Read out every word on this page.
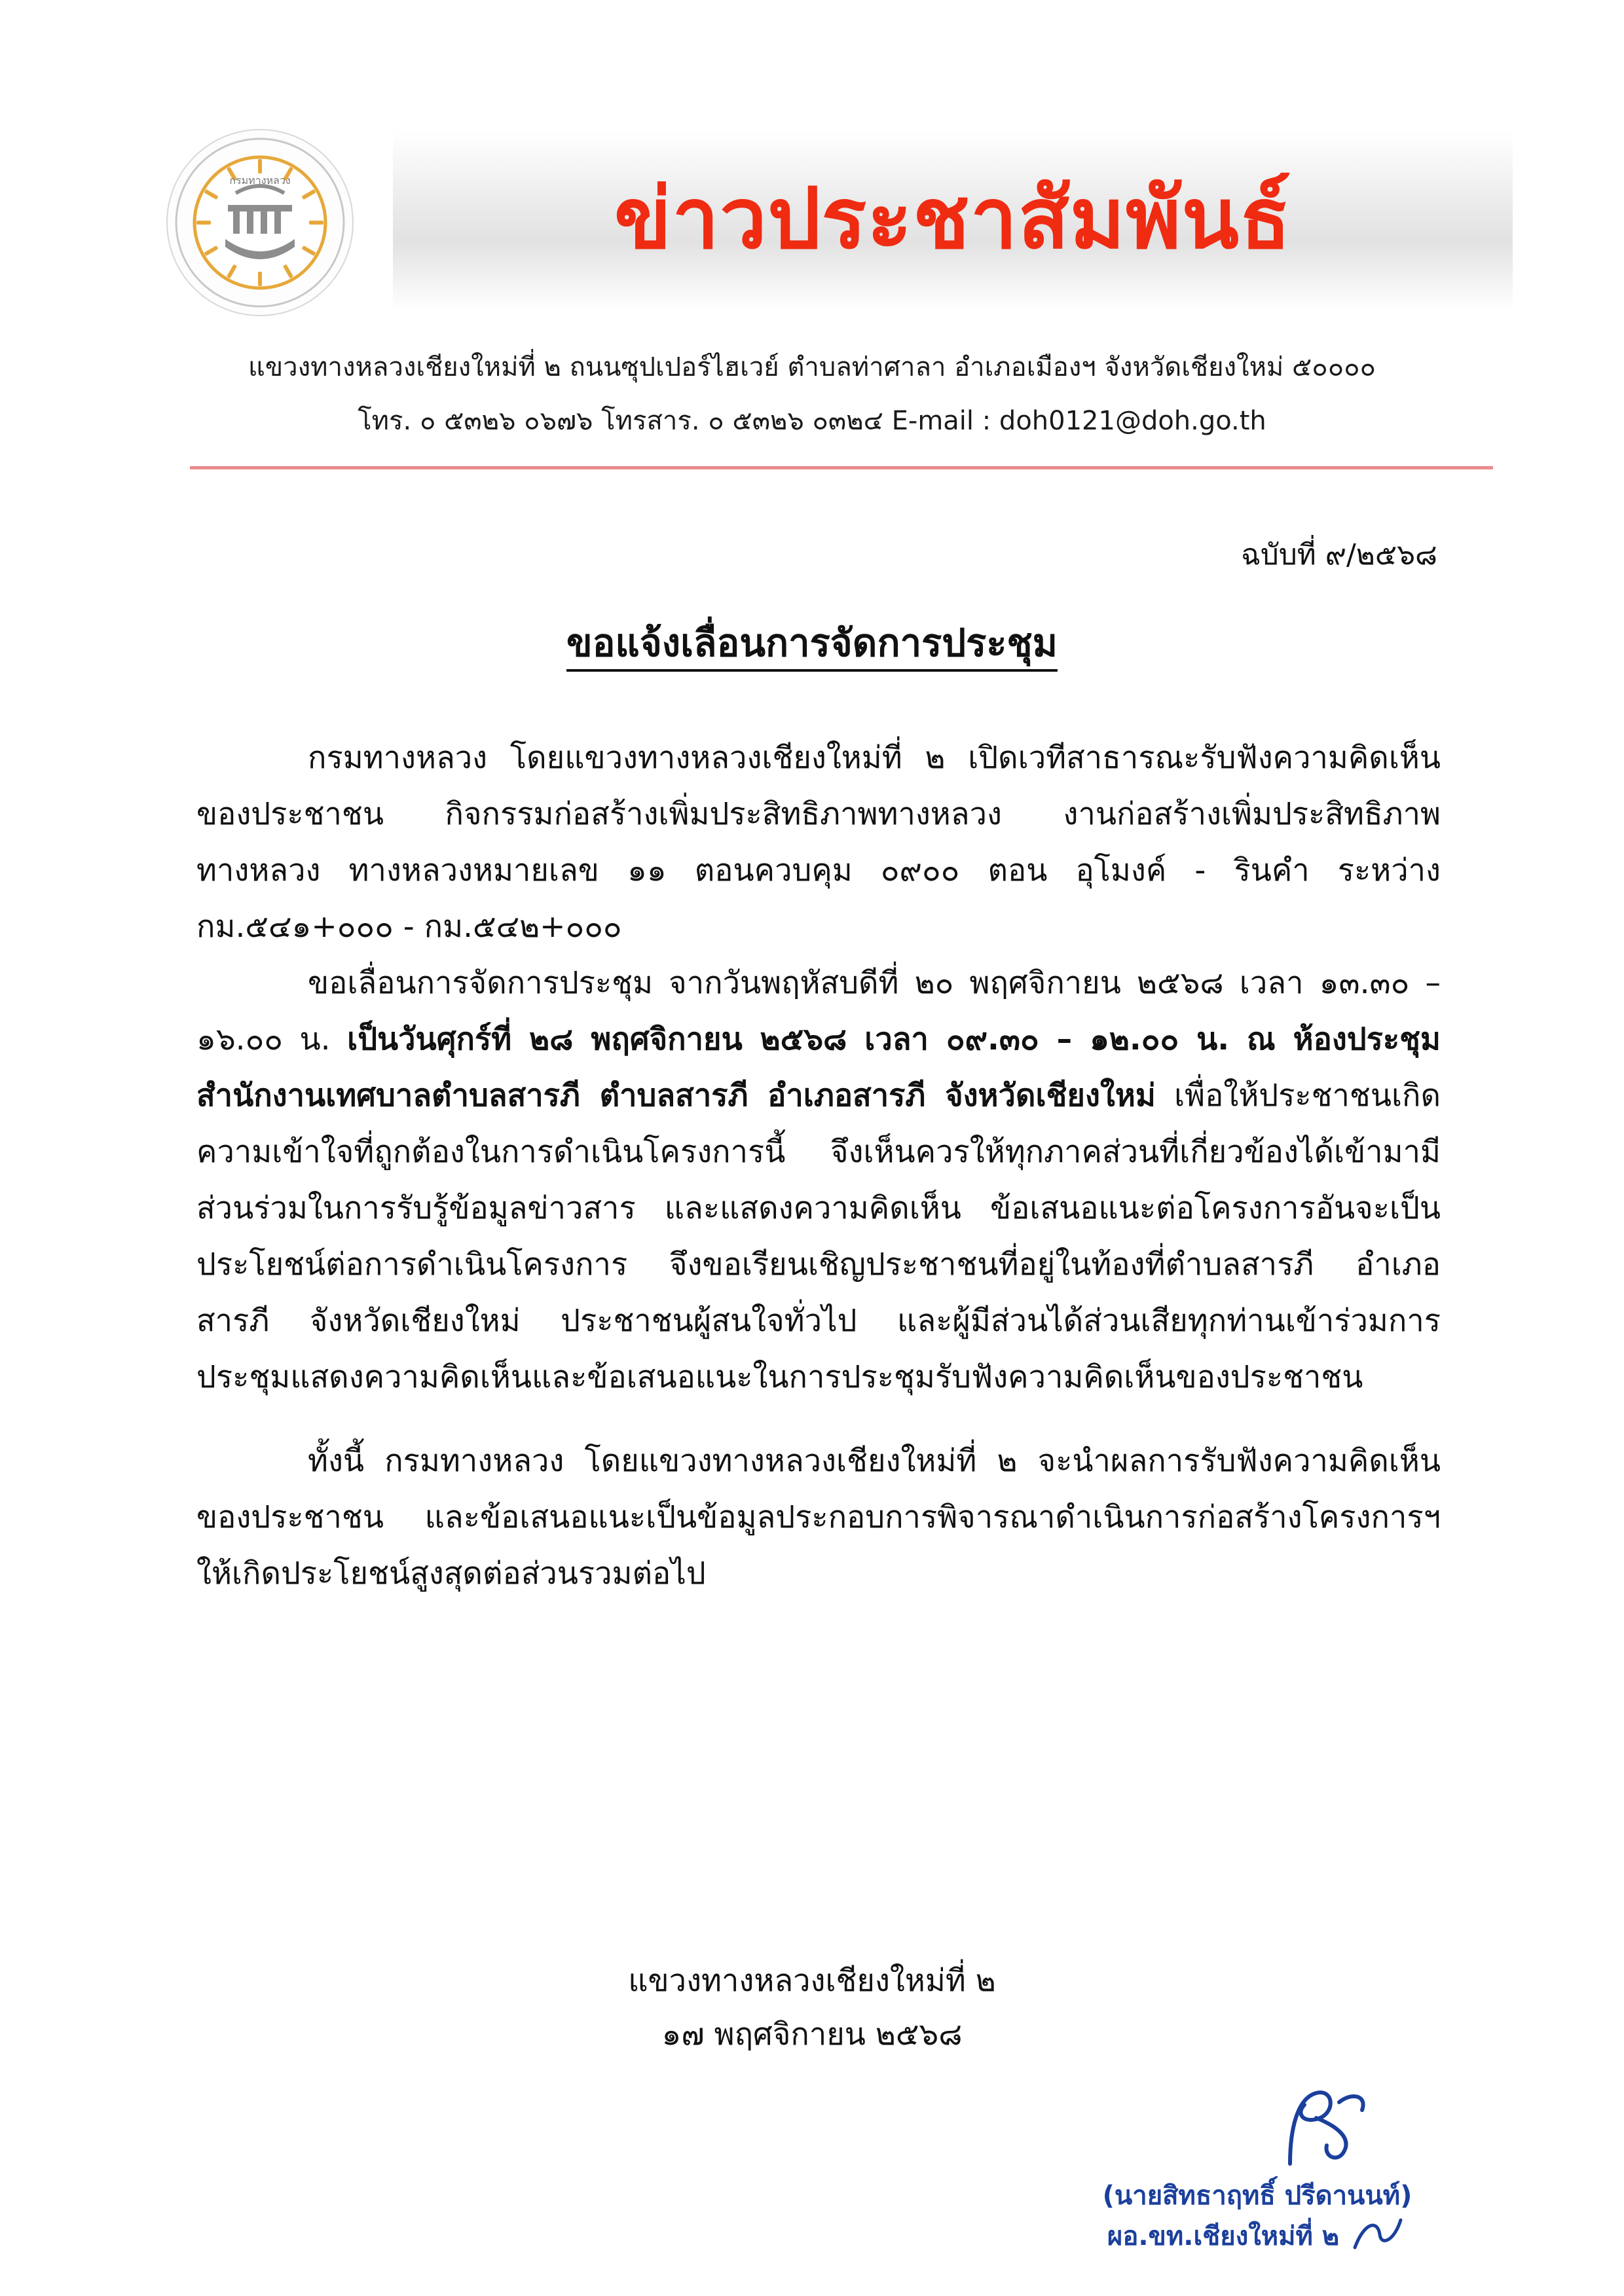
กรมทางหลวง	ข่าวประชาสัมพันธ์
แขวงทางหลวงเชียงใหม่ที่ ๒ ถนนซุปเปอร์ไฮเวย์ ตำบลท่าศาลา อำเภอเมืองฯ จังหวัดเชียงใหม่ ๕๐๐๐๐
โทร. ๐ ๕๓๒๖ ๐๖๗๖ โทรสาร. ๐ ๕๓๒๖ ๐๓๒๔ E-mail : doh0121@doh.go.th
ฉบับที่ ๙/๒๕๖๘
ขอแจ้งเลื่อนการจัดการประชุม

กรมทางหลวง โดยแขวงทางหลวงเชียงใหม่ที่ ๒ เปิดเวทีสาธารณะรับฟังความคิดเห็นของประชาชน กิจกรรมก่อสร้างเพิ่มประสิทธิภาพทางหลวง งานก่อสร้างเพิ่มประสิทธิภาพทางหลวง ทางหลวงหมายเลข ๑๑ ตอนควบคุม ๐๙๐๐ ตอน อุโมงค์ - รินคำ ระหว่าง กม.๕๔๑+๐๐๐ - กม.๕๔๒+๐๐๐

ขอเลื่อนการจัดการประชุม จากวันพฤหัสบดีที่ ๒๐ พฤศจิกายน ๒๕๖๘ เวลา ๑๓.๓๐ –๑๖.๐๐ น. เป็นวันศุกร์ที่ ๒๘ พฤศจิกายน ๒๕๖๘ เวลา ๐๙.๓๐ – ๑๒.๐๐ น. ณ ห้องประชุมสำนักงานเทศบาลตำบลสารภี ตำบลสารภี อำเภอสารภี จังหวัดเชียงใหม่ เพื่อให้ประชาชนเกิดความเข้าใจที่ถูกต้องในการดำเนินโครงการนี้ จึงเห็นควรให้ทุกภาคส่วนที่เกี่ยวข้องได้เข้ามามีส่วนร่วมในการรับรู้ข้อมูลข่าวสาร และแสดงความคิดเห็น ข้อเสนอแนะต่อโครงการอันจะเป็นประโยชน์ต่อการดำเนินโครงการ จึงขอเรียนเชิญประชาชนที่อยู่ในท้องที่ตำบลสารภี อำเภอสารภี จังหวัดเชียงใหม่ ประชาชนผู้สนใจทั่วไป และผู้มีส่วนได้ส่วนเสียทุกท่านเข้าร่วมการประชุมแสดงความคิดเห็นและข้อเสนอแนะในการประชุมรับฟังความคิดเห็นของประชาชน

ทั้งนี้ กรมทางหลวง โดยแขวงทางหลวงเชียงใหม่ที่ ๒ จะนำผลการรับฟังความคิดเห็นของประชาชน และข้อเสนอแนะเป็นข้อมูลประกอบการพิจารณาดำเนินการก่อสร้างโครงการฯ ให้เกิดประโยชน์สูงสุดต่อส่วนรวมต่อไป

แขวงทางหลวงเชียงใหม่ที่ ๒
๑๗ พฤศจิกายน ๒๕๖๘
(นายสิทธาฤทธิ์ ปรีดานนท์)
ผอ.ขท.เชียงใหม่ที่ ๒
